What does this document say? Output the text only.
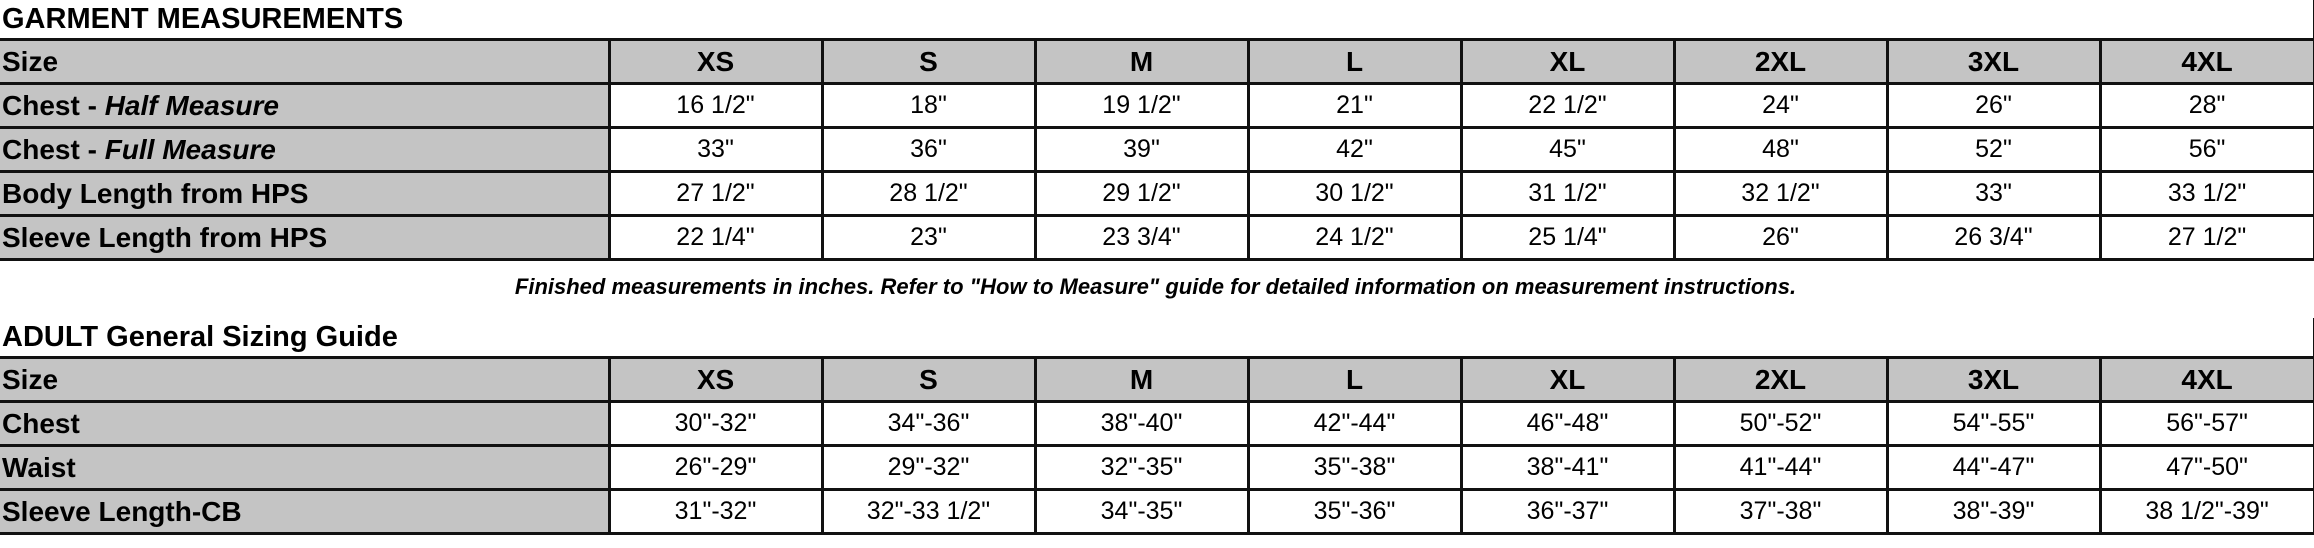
GARMENT MEASUREMENTS								
Size	XS	S	M	L	XL	2XL	3XL	4XL
Chest - Half Measure	16 1/2"	18"	19 1/2"	21"	22 1/2"	24"	26"	28"
Chest - Full Measure	33"	36"	39"	42"	45"	48"	52"	56"
Body Length from HPS	27 1/2"	28 1/2"	29 1/2"	30 1/2"	31 1/2"	32 1/2"	33"	33 1/2"
Sleeve Length from HPS	22 1/4"	23"	23 3/4"	24 1/2"	25 1/4"	26"	26 3/4"	27 1/2"
Finished measurements in inches. Refer to "How to Measure" guide for detailed information on measurement instructions.
ADULT General Sizing Guide								
Size	XS	S	M	L	XL	2XL	3XL	4XL
Chest	30"-32"	34"-36"	38"-40"	42"-44"	46"-48"	50"-52"	54"-55"	56"-57"
Waist	26"-29"	29"-32"	32"-35"	35"-38"	38"-41"	41"-44"	44"-47"	47"-50"
Sleeve Length-CB	31"-32"	32"-33 1/2"	34"-35"	35"-36"	36"-37"	37"-38"	38"-39"	38 1/2"-39"
